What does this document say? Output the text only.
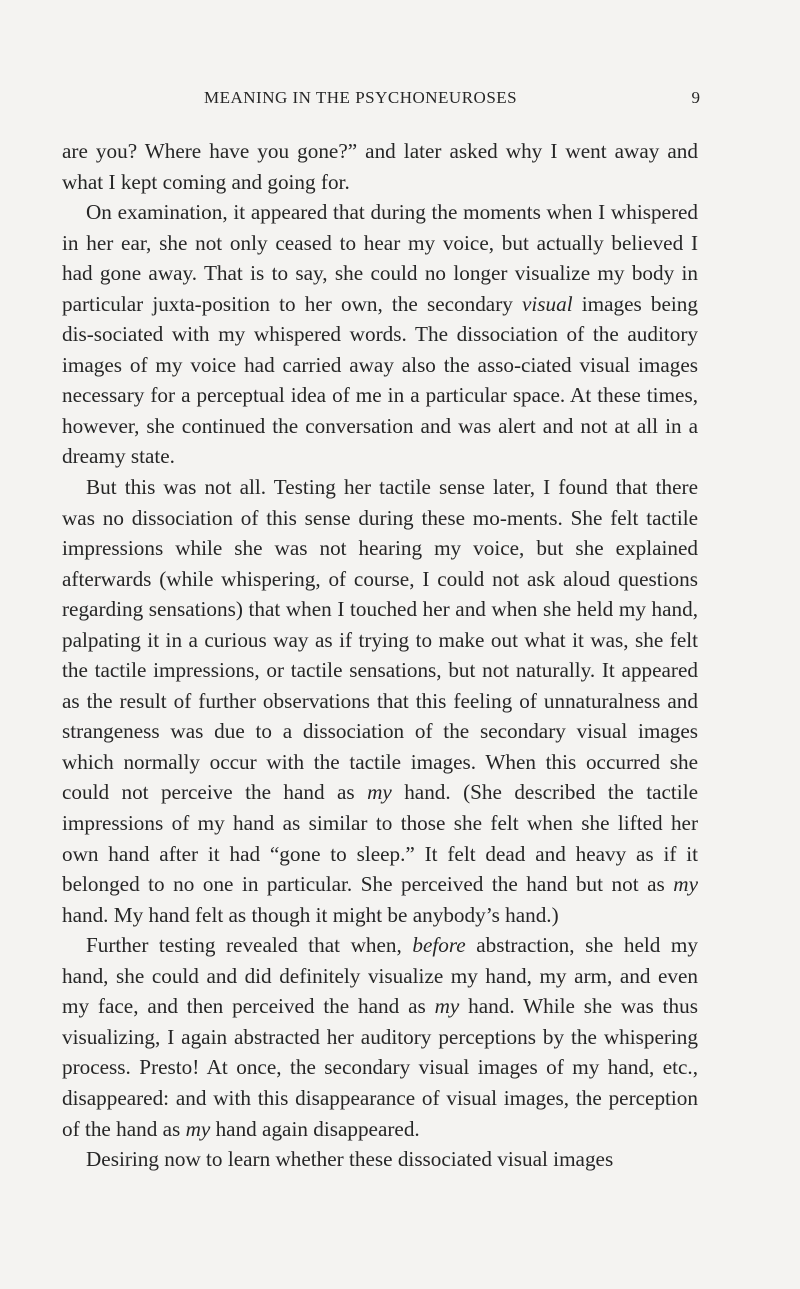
MEANING IN THE PSYCHONEUROSES	9

are you? Where have you gone?” and later asked why I went away and what I kept coming and going for.

On examination, it appeared that during the moments when I whispered in her ear, she not only ceased to hear my voice, but actually believed I had gone away. That is to say, she could no longer visualize my body in particular juxta-position to her own, the secondary visual images being dis-sociated with my whispered words. The dissociation of the auditory images of my voice had carried away also the asso-ciated visual images necessary for a perceptual idea of me in a particular space. At these times, however, she continued the conversation and was alert and not at all in a dreamy state.

But this was not all. Testing her tactile sense later, I found that there was no dissociation of this sense during these mo-ments. She felt tactile impressions while she was not hearing my voice, but she explained afterwards (while whispering, of course, I could not ask aloud questions regarding sensations) that when I touched her and when she held my hand, palpating it in a curious way as if trying to make out what it was, she felt the tactile impressions, or tactile sensations, but not naturally. It appeared as the result of further observations that this feeling of unnaturalness and strangeness was due to a dissociation of the secondary visual images which normally occur with the tactile images. When this occurred she could not perceive the hand as my hand. (She described the tactile impressions of my hand as similar to those she felt when she lifted her own hand after it had “gone to sleep.” It felt dead and heavy as if it belonged to no one in particular. She perceived the hand but not as my hand. My hand felt as though it might be anybody’s hand.)

Further testing revealed that when, before abstraction, she held my hand, she could and did definitely visualize my hand, my arm, and even my face, and then perceived the hand as my hand. While she was thus visualizing, I again abstracted her auditory perceptions by the whispering process. Presto! At once, the secondary visual images of my hand, etc., disappeared: and with this disappearance of visual images, the perception of the hand as my hand again disappeared.

Desiring now to learn whether these dissociated visual images
